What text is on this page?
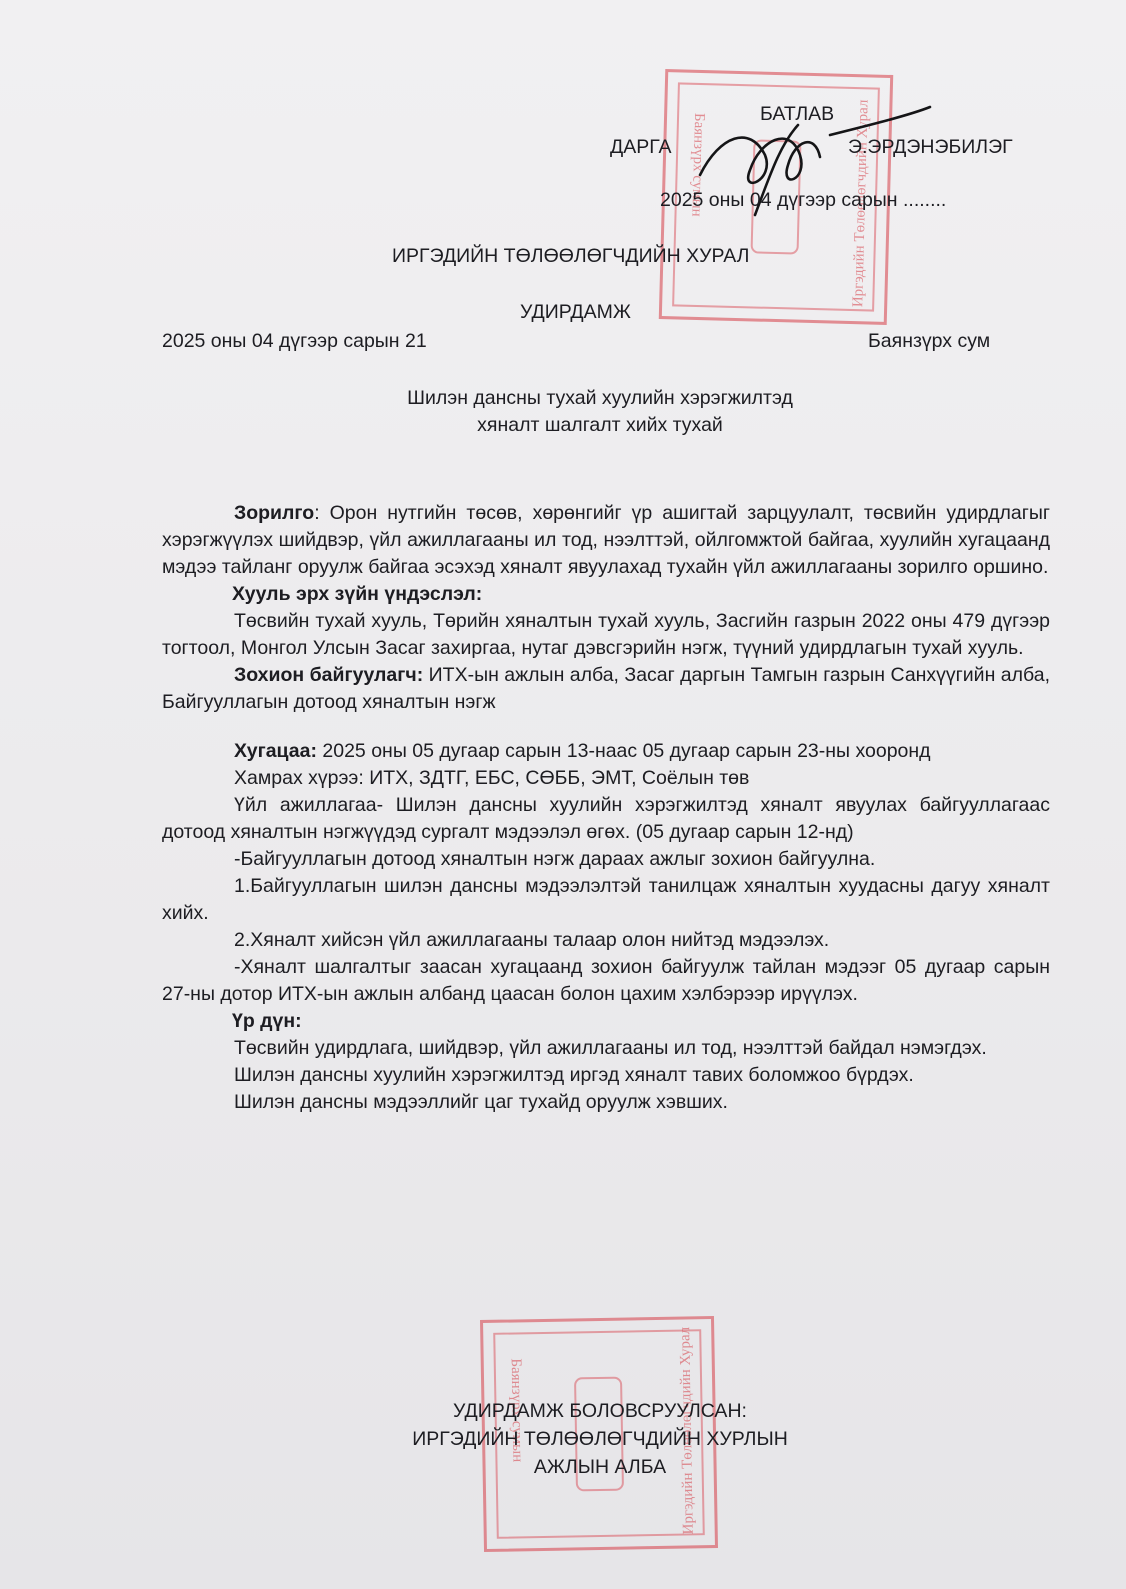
Баянзүрх сумын	Иргэдийн Төлөөлөгчдийн Хурал
БАТЛАВ
ДАРГА	Э.ЭРДЭНЭБИЛЭГ
2025 оны 04 дүгээр сарын ........
ИРГЭДИЙН ТӨЛӨӨЛӨГЧДИЙН ХУРАЛ
УДИРДАМЖ
2025 оны 04 дүгээр сарын 21	Баянзүрх сум
Шилэн дансны тухай хуулийн хэрэгжилтэд
хяналт шалгалт хийх тухай

Зорилго: Орон нутгийн төсөв, хөрөнгийг үр ашигтай зарцуулалт, төсвийн удирдлагыг хэрэгжүүлэх шийдвэр, үйл ажиллагааны ил тод, нээлттэй, ойлгомжтой байгаа, хуулийн хугацаанд мэдээ тайланг оруулж байгаа эсэхэд хяналт явуулахад тухайн үйл ажиллагааны зорилго оршино.

Хууль эрх зүйн үндэслэл:

Төсвийн тухай хууль, Төрийн хяналтын тухай хууль, Засгийн газрын 2022 оны 479 дүгээр тогтоол, Монгол Улсын Засаг захиргаа, нутаг дэвсгэрийн нэгж, түүний удирдлагын тухай хууль.

Зохион байгуулагч: ИТХ-ын ажлын алба, Засаг даргын Тамгын газрын Санхүүгийн алба, Байгууллагын дотоод хяналтын нэгж

Хугацаа: 2025 оны 05 дугаар сарын 13-наас 05 дугаар сарын 23-ны хооронд

Хамрах хүрээ: ИТХ, ЗДТГ, ЕБС, СӨББ, ЭМТ, Соёлын төв

Үйл ажиллагаа- Шилэн дансны хуулийн хэрэгжилтэд хяналт явуулах байгууллагаас дотоод хяналтын нэгжүүдэд сургалт мэдээлэл өгөх. (05 дугаар сарын 12-нд)

-Байгууллагын дотоод хяналтын нэгж дараах ажлыг зохион байгуулна.

1.Байгууллагын шилэн дансны мэдээлэлтэй танилцаж хяналтын хуудасны дагуу хяналт хийх.

2.Хяналт хийсэн үйл ажиллагааны талаар олон нийтэд мэдээлэх.

-Хяналт шалгалтыг заасан хугацаанд зохион байгуулж тайлан мэдээг 05 дугаар сарын 27-ны дотор ИТХ-ын ажлын албанд цаасан болон цахим хэлбэрээр ирүүлэх.

Үр дүн:

Төсвийн удирдлага, шийдвэр, үйл ажиллагааны ил тод, нээлттэй байдал нэмэгдэх.

Шилэн дансны хуулийн хэрэгжилтэд иргэд хяналт тавих боломжоо бүрдэх.

Шилэн дансны мэдээллийг цаг тухайд оруулж хэвших.

Баянзүрх сумын	Иргэдийн Төлөөлөгчдийн Хурал
УДИРДАМЖ БОЛОВСРУУЛСАН:
ИРГЭДИЙН ТӨЛӨӨЛӨГЧДИЙН ХУРЛЫН
АЖЛЫН АЛБА
